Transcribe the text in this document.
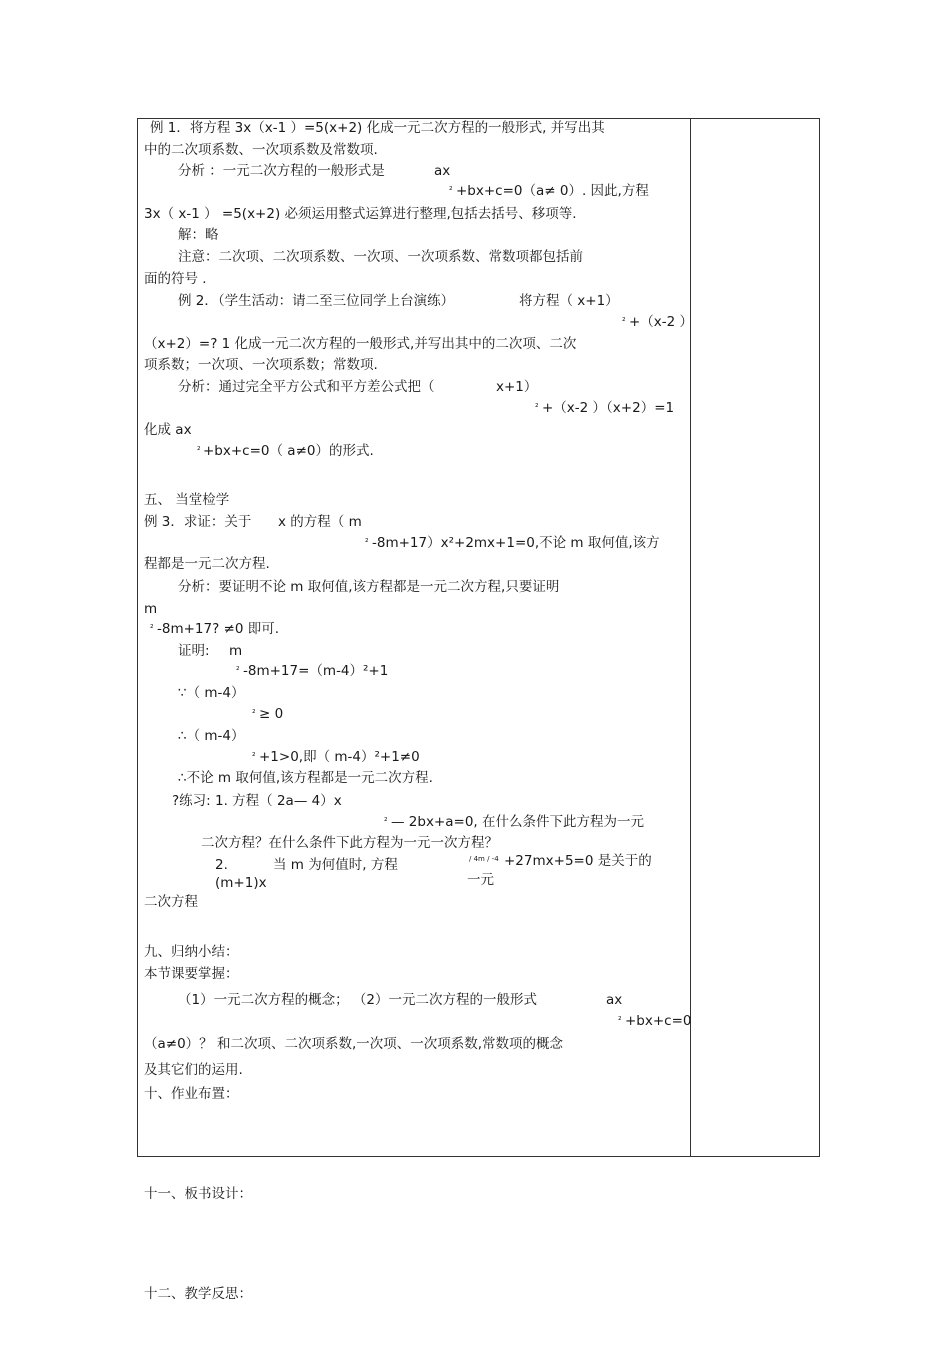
例 1．将方程 3x（x-1 ）=5(x+2) 化成一元二次方程的一般形式, 并写出其
中的二次项系数、一次项系数及常数项.
分析 ：一元二次方程的一般形式是	ax
² +bx+c=0（a≠ 0）. 因此,方程
3x（ x-1 ） =5(x+2) 必须运用整式运算进行整理,包括去括号、移项等.
解：略
注意：二次项、二次项系数、一次项、一次项系数、常数项都包括前
面的符号 .
例 2．（学生活动：请二至三位同学上台演练）	将方程（ x+1）
² +（x-2 ）
（x+2）=? 1 化成一元二次方程的一般形式,并写出其中的二次项、二次
项系数；一次项、一次项系数；常数项.
分析：通过完全平方公式和平方差公式把（	x+1）
² +（x-2 ）（x+2）=1
化成 ax
² +bx+c=0（ a≠0）的形式.
五、 当堂检学
例 3．求证：关于 x 的方程（ m
² -8m+17）x²+2mx+1=0,不论 m 取何值,该方
程都是一元二次方程.
分析：要证明不论 m 取何值,该方程都是一元二次方程,只要证明
m
² -8m+17? ≠0 即可.
证明: m
² -8m+17=（m-4）²+1
∵（ m-4）
² ≥ 0
∴（ m-4）
² +1>0,即（ m-4）²+1≠0
∴不论 m 取何值,该方程都是一元二次方程.
?练习: 1. 方程（ 2a— 4）x
² — 2bx+a=0, 在什么条件下此方程为一元
二次方程？在什么条件下此方程为一元一次方程？
2.
(m+1)x
当 m 为何值时, 方程	/ 4m / -4 +27mx+5=0 是关于的
一元
二次方程
九、归纳小结：
本节课要掌握：
（1）一元二次方程的概念； （2）一元二次方程的一般形式	ax
² +bx+c=0
（a≠0）？ 和二次项、二次项系数,一次项、一次项系数,常数项的概念
及其它们的运用.
十、作业布置：
十一、板书设计：
十二、教学反思：
